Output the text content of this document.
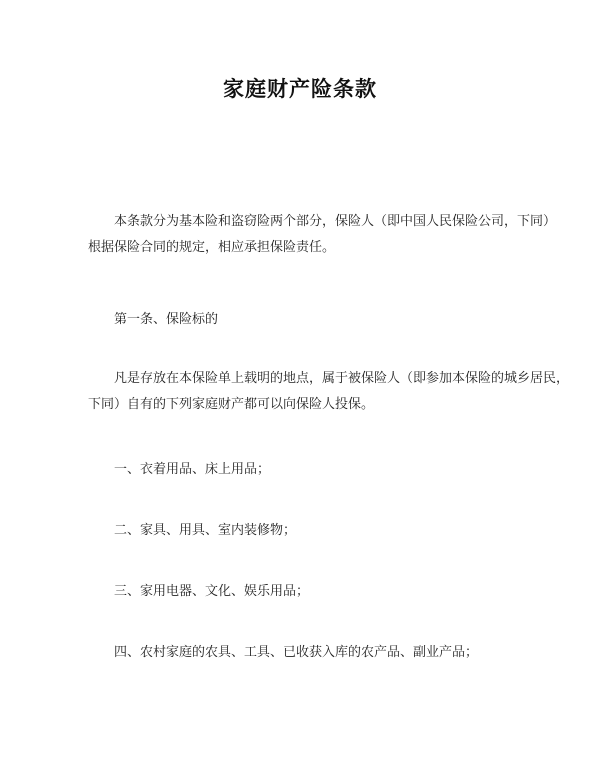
家庭财产险条款
本条款分为基本险和盗窃险两个部分，保险人（即中国人民保险公司，下同）
根据保险合同的规定，相应承担保险责任。
第一条、保险标的
凡是存放在本保险单上载明的地点，属于被保险人（即参加本保险的城乡居民，
下同）自有的下列家庭财产都可以向保险人投保。
一、衣着用品、床上用品；
二、家具、用具、室内装修物；
三、家用电器、文化、娱乐用品；
四、农村家庭的农具、工具、已收获入库的农产品、副业产品；
